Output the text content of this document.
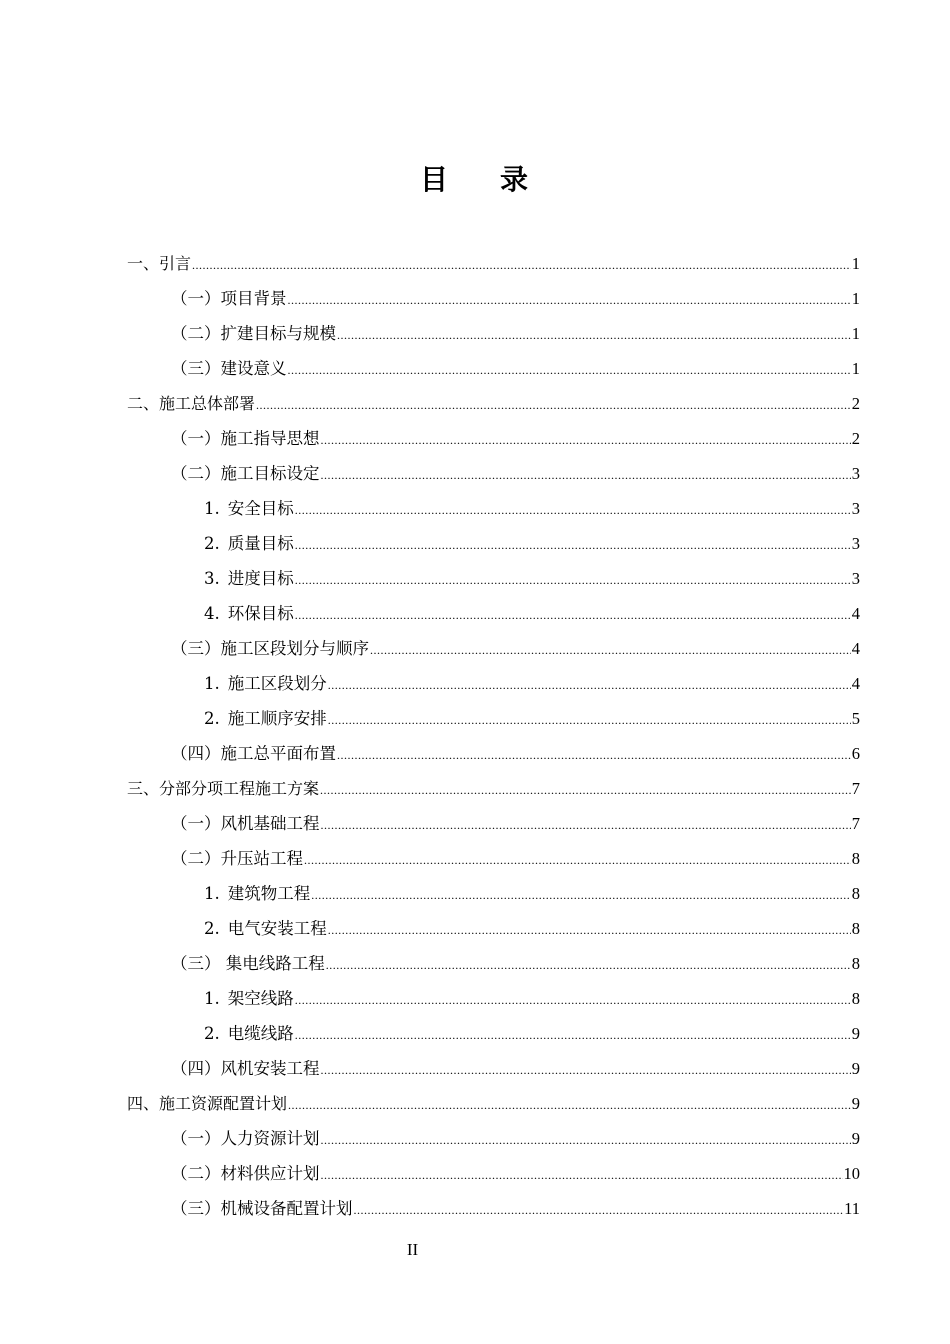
目 录
一、引言 .....	1
（一）项目背景 .....	1
（二）扩建目标与规模 .....	1
（三）建设意义 .....	1
二、施工总体部署 .....	2
（一）施工指导思想 .....	2
（二）施工目标设定 .....	3
1. 安全目标 .....	3
2. 质量目标 .....	3
3. 进度目标 .....	3
4. 环保目标 .....	4
（三）施工区段划分与顺序 .....	4
1. 施工区段划分 .....	4
2. 施工顺序安排 .....	5
（四）施工总平面布置 .....	6
三、分部分项工程施工方案 .....	7
（一）风机基础工程 .....	7
（二）升压站工程 .....	8
1. 建筑物工程 .....	8
2. 电气安装工程 .....	8
（三） 集电线路工程 .....	8
1. 架空线路 .....	8
2. 电缆线路 .....	9
（四）风机安装工程 .....	9
四、施工资源配置计划 .....	9
（一）人力资源计划 .....	9
（二）材料供应计划 .....	10
（三）机械设备配置计划 .....	11
II
